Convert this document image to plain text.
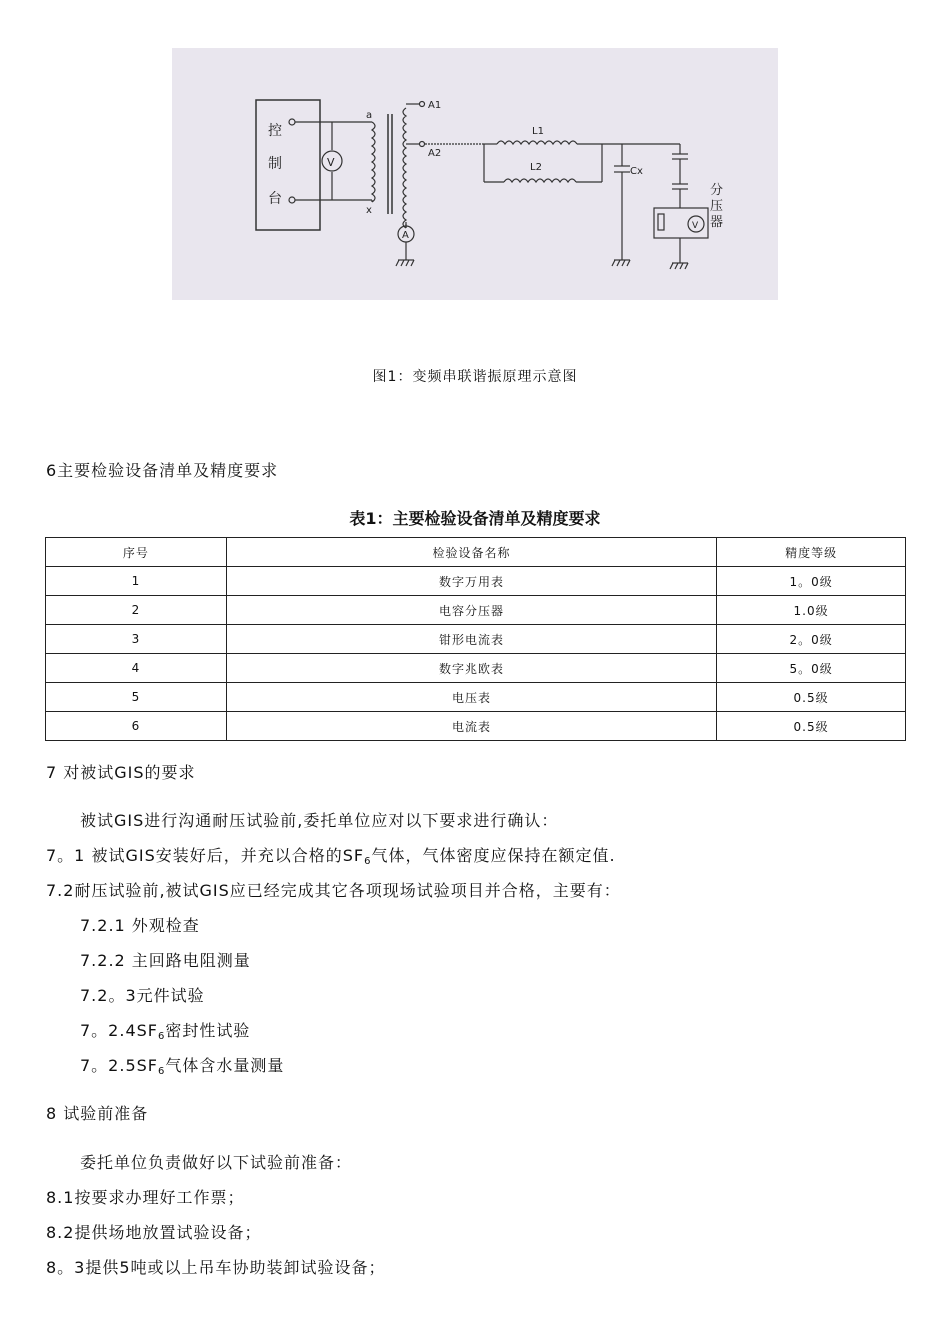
控
制
台
V
a
x
A1
A2
A
L1
L2	Cx
V
分
压
器
图1：变频串联谐振原理示意图
6主要检验设备清单及精度要求
表1：主要检验设备清单及精度要求
序号	检验设备名称	精度等级
1	数字万用表	1。0级
2	电容分压器	1.0级
3	钳形电流表	2。0级
4	数字兆欧表	5。0级
5	电压表	0.5级
6	电流表	0.5级
7 对被试GIS的要求
被试GIS进行沟通耐压试验前,委托单位应对以下要求进行确认：
7。1 被试GIS安装好后，并充以合格的SF6气体，气体密度应保持在额定值.
7.2耐压试验前,被试GIS应已经完成其它各项现场试验项目并合格，主要有：
7.2.1 外观检查
7.2.2 主回路电阻测量
7.2。3元件试验
7。2.4SF6密封性试验
7。2.5SF6气体含水量测量
8 试验前准备
委托单位负责做好以下试验前准备：
8.1按要求办理好工作票；
8.2提供场地放置试验设备；
8。3提供5吨或以上吊车协助装卸试验设备；
